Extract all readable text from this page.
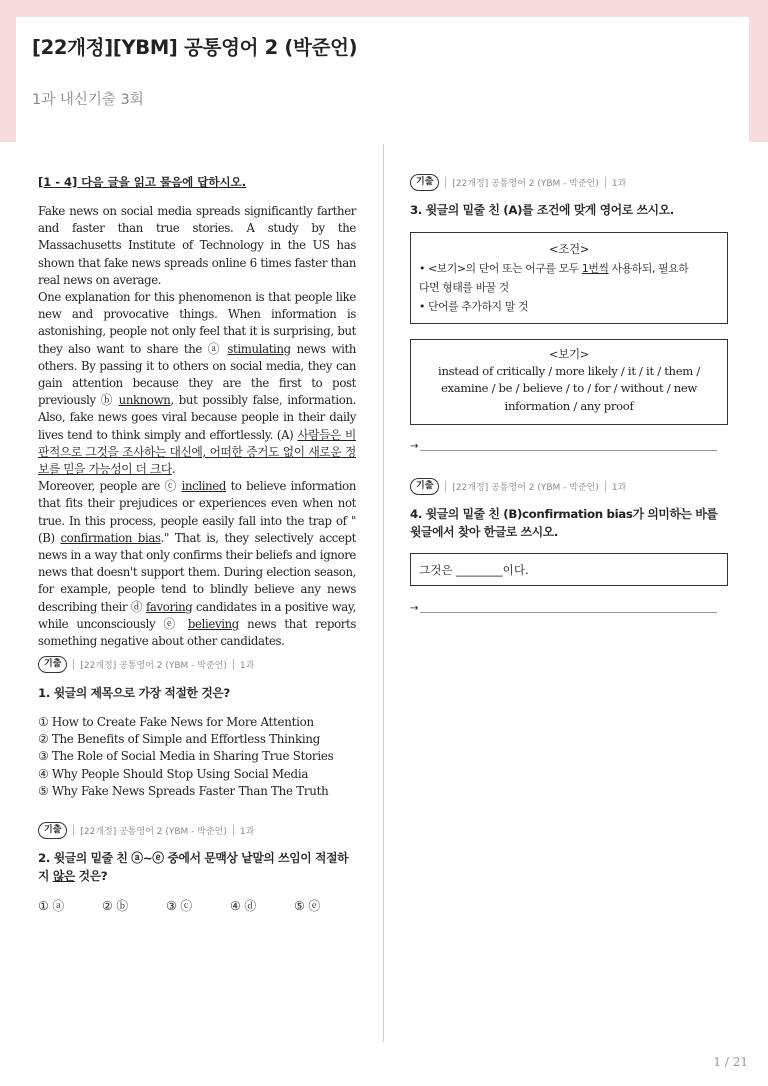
[22개정][YBM] 공통영어 2 (박준언)
1과 내신기출 3회
[1 - 4] 다음 글을 읽고 물음에 답하시오.

Fake news on social media spreads significantly farther and faster than true stories. A study by the Massachusetts Institute of Technology in the US has shown that fake news spreads online 6 times faster than real news on average.

One explanation for this phenomenon is that people like new and provocative things. When information is astonishing, people not only feel that it is surprising, but they also want to share the ⓐ stimulating news with others. By passing it to others on social media, they can gain attention because they are the first to post previously ⓑ unknown, but possibly false, information. Also, fake news goes viral because people in their daily lives tend to think simply and effortlessly. (A) 사람들은 비판적으로 그것을 조사하는 대신에, 어떠한 증거도 없이 새로운 정보를 믿을 가능성이 더 크다.

Moreover, people are ⓒ inclined to believe information that fits their prejudices or experiences even when not true. In this process, people easily fall into the trap of "(B) confirmation bias." That is, they selectively accept news in a way that only confirms their beliefs and ignore news that doesn't support them. During election season, for example, people tend to blindly believe any news describing their ⓓ favoring candidates in a positive way, while unconsciously ⓔ believing news that reports something negative about other candidates.

기출	[22개정] 공통영어 2 (YBM - 박준언) 1과
1. 윗글의 제목으로 가장 적절한 것은?
① How to Create Fake News for More Attention
② The Benefits of Simple and Effortless Thinking
③ The Role of Social Media in Sharing True Stories
④ Why People Should Stop Using Social Media
⑤ Why Fake News Spreads Faster Than The Truth
기출	[22개정] 공통영어 2 (YBM - 박준언) 1과
2. 윗글의 밑줄 친 ⓐ~ⓔ 중에서 문맥상 낱말의 쓰임이 적절하
지 않은 것은?
① ⓐ	② ⓑ	③ ⓒ	④ ⓓ	⑤ ⓔ
기출	[22개정] 공통영어 2 (YBM - 박준언) 1과
3. 윗글의 밑줄 친 (A)를 조건에 맞게 영어로 쓰시오.
<조건>
• <보기>의 단어 또는 어구를 모두 1번씩 사용하되, 필요하
다면 형태를 바꿀 것
• 단어를 추가하지 말 것
<보기>
instead of critically / more likely / it / it / them / examine / be / believe / to / for / without / new information / any proof
→
기출	[22개정] 공통영어 2 (YBM - 박준언) 1과
4. 윗글의 밑줄 친 (B)confirmation bias가 의미하는 바를 윗글에서 찾아 한글로 쓰시오.
그것은 ________이다.
→
1 / 21
